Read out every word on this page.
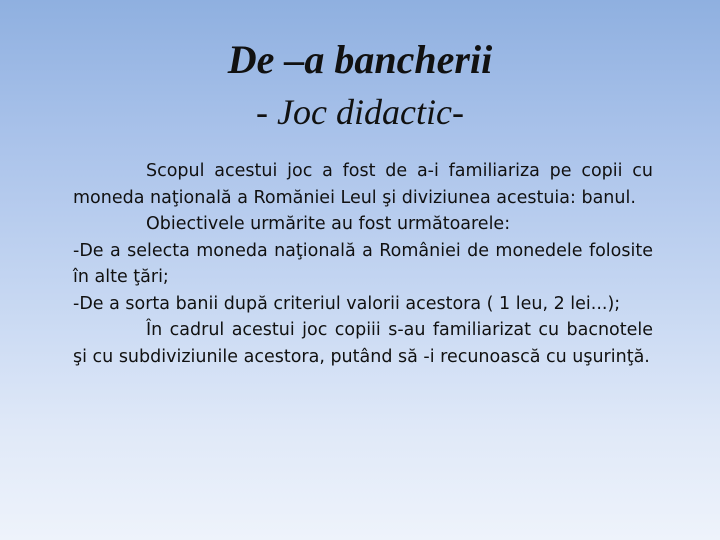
De –a bancherii
- Joc didactic-

Scopul acestui joc a fost de a-i familiariza pe copii cu moneda naţională a Romăniei Leul şi diviziunea acestuia: banul.

Obiectivele urmărite au fost următoarele:

-De a selecta moneda naţională a României de monedele folosite în alte ţări;

-De a sorta banii după criteriul valorii acestora ( 1 leu, 2 lei...);

În cadrul acestui joc copiii s-au familiarizat cu bacnotele şi cu subdiviziunile acestora, putând să -i recunoască cu uşurinţă.
